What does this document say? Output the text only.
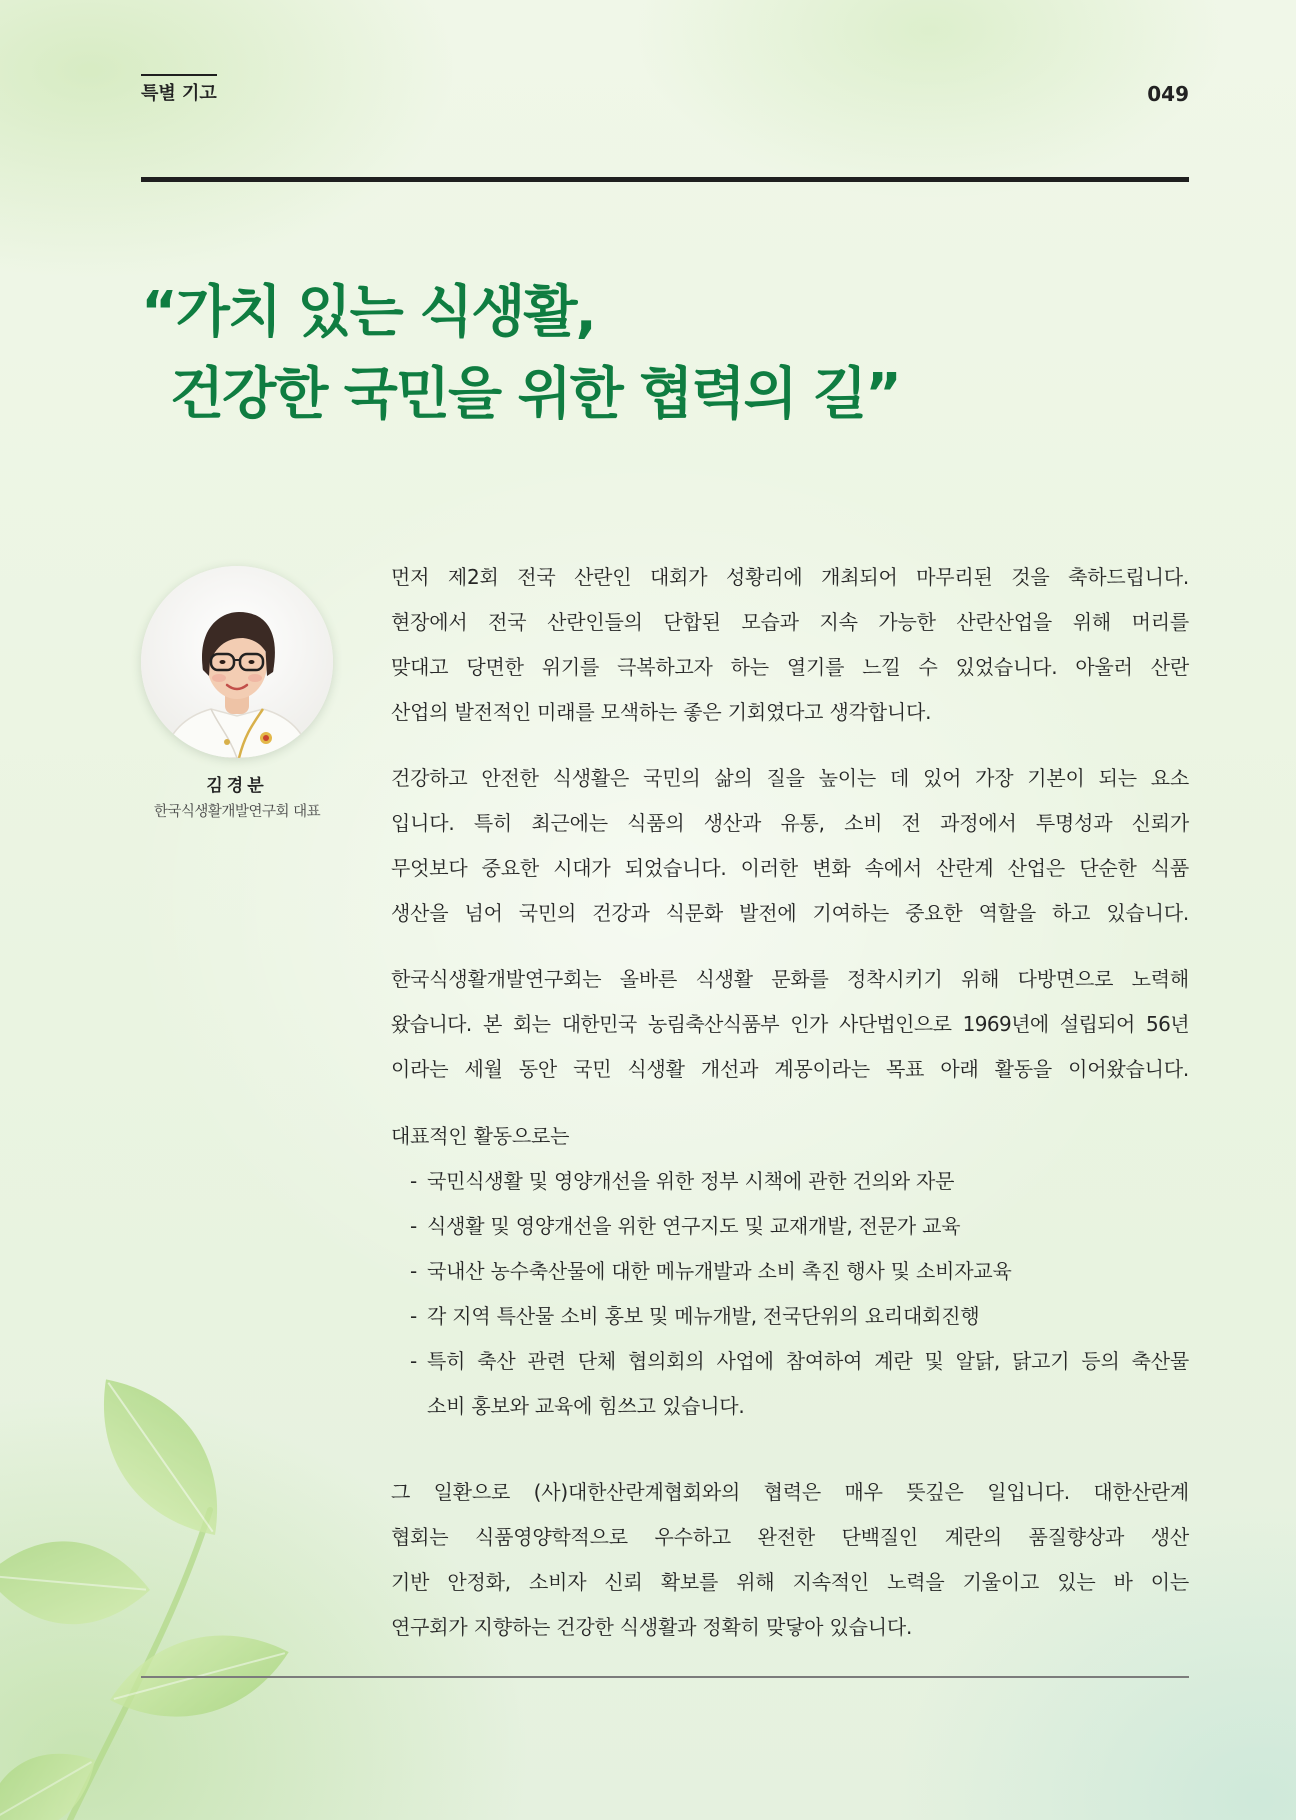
특별 기고	049
“가치 있는 식생활,
건강한 국민을 위한 협력의 길”
김경분
한국식생활개발연구회 대표
먼저 제2회 전국 산란인 대회가 성황리에 개최되어 마무리된 것을 축하드립니다.
현장에서 전국 산란인들의 단합된 모습과 지속 가능한 산란산업을 위해 머리를
맞대고 당면한 위기를 극복하고자 하는 열기를 느낄 수 있었습니다. 아울러 산란
산업의 발전적인 미래를 모색하는 좋은 기회였다고 생각합니다.
건강하고 안전한 식생활은 국민의 삶의 질을 높이는 데 있어 가장 기본이 되는 요소
입니다. 특히 최근에는 식품의 생산과 유통, 소비 전 과정에서 투명성과 신뢰가
무엇보다 중요한 시대가 되었습니다. 이러한 변화 속에서 산란계 산업은 단순한 식품
생산을 넘어 국민의 건강과 식문화 발전에 기여하는 중요한 역할을 하고 있습니다.
한국식생활개발연구회는 올바른 식생활 문화를 정착시키기 위해 다방면으로 노력해
왔습니다. 본 회는 대한민국 농림축산식품부 인가 사단법인으로 1969년에 설립되어 56년
이라는 세월 동안 국민 식생활 개선과 계몽이라는 목표 아래 활동을 이어왔습니다.
대표적인 활동으로는
- 국민식생활 및 영양개선을 위한 정부 시책에 관한 건의와 자문
- 식생활 및 영양개선을 위한 연구지도 및 교재개발, 전문가 교육
- 국내산 농수축산물에 대한 메뉴개발과 소비 촉진 행사 및 소비자교육
- 각 지역 특산물 소비 홍보 및 메뉴개발, 전국단위의 요리대회진행
- 특히 축산 관련 단체 협의회의 사업에 참여하여 계란 및 알닭, 닭고기 등의 축산물
소비 홍보와 교육에 힘쓰고 있습니다.
그 일환으로 (사)대한산란계협회와의 협력은 매우 뜻깊은 일입니다. 대한산란계
협회는 식품영양학적으로 우수하고 완전한 단백질인 계란의 품질향상과 생산
기반 안정화, 소비자 신뢰 확보를 위해 지속적인 노력을 기울이고 있는 바 이는
연구회가 지향하는 건강한 식생활과 정확히 맞닿아 있습니다.
